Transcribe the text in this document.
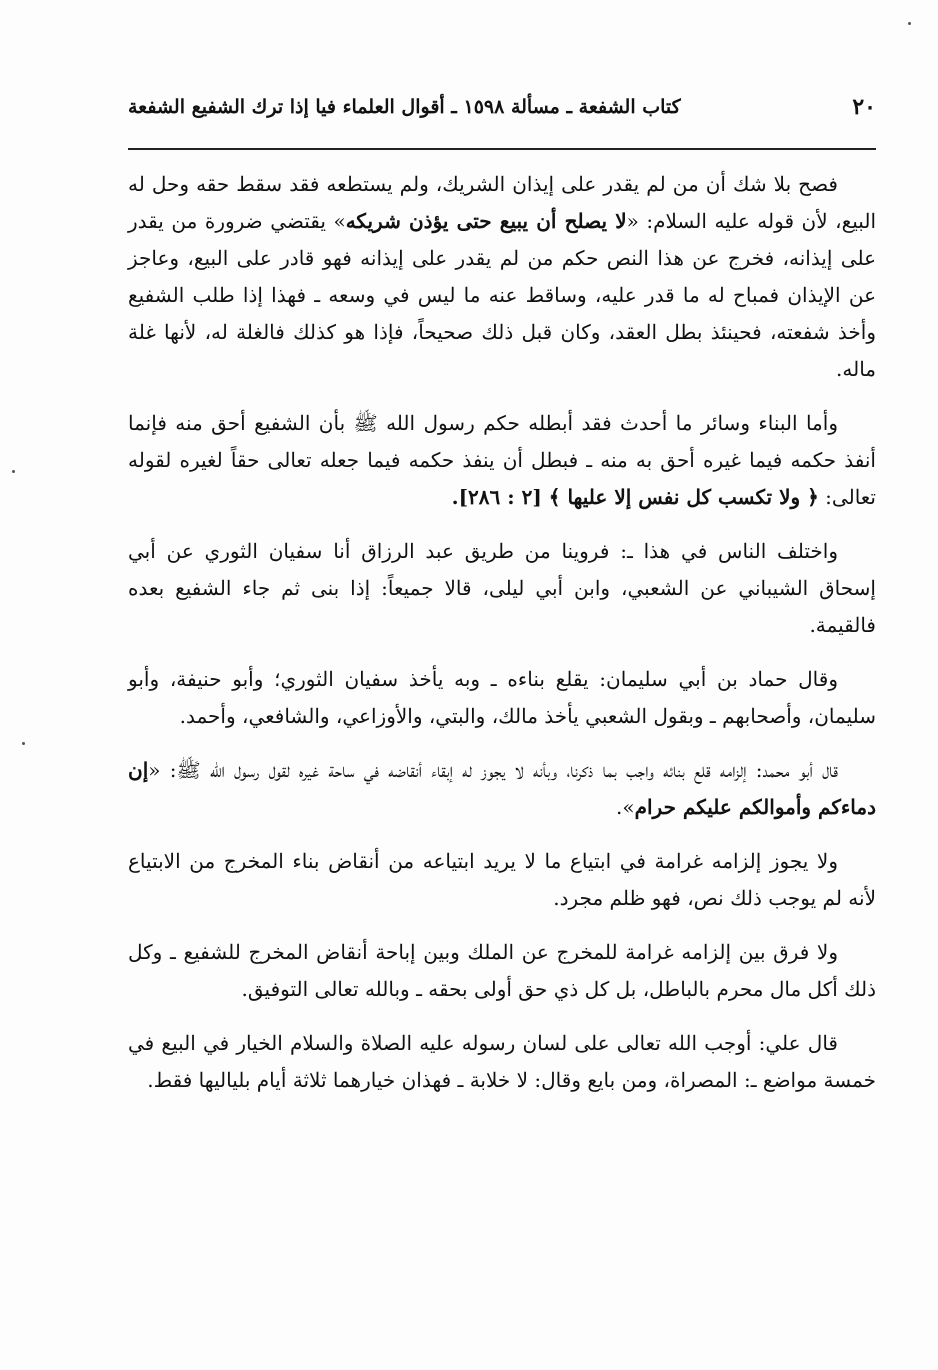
٢٠
كتاب الشفعة ـ مسألة ١٥٩٨ ـ أقوال العلماء فيا إذا ترك الشفيع الشفعة

فصح بلا شك أن من لم يقدر على إيذان الشريك، ولم يستطعه فقد سقط حقه وحل له البيع، لأن قوله عليه السلام: «لا يصلح أن يبيع حتى يؤذن شريكه» يقتضي ضرورة من يقدر على إيذانه، فخرج عن هذا النص حكم من لم يقدر على إيذانه فهو قادر على البيع، وعاجز عن الإيذان فمباح له ما قدر عليه، وساقط عنه ما ليس في وسعه ـ فهذا إذا طلب الشفيع وأخذ شفعته، فحينئذ بطل العقد، وكان قبل ذلك صحيحاً، فإذا هو كذلك فالغلة له، لأنها غلة ماله.

وأما البناء وسائر ما أحدث فقد أبطله حكم رسول الله ﷺ بأن الشفيع أحق منه فإنما أنفذ حكمه فيما غيره أحق به منه ـ فبطل أن ينفذ حكمه فيما جعله تعالى حقاً لغيره لقوله تعالى: ﴿ ولا تكسب كل نفس إلا عليها ﴾ [٢ : ٢٨٦].

واختلف الناس في هذا ـ: فروينا من طريق عبد الرزاق أنا سفيان الثوري عن أبي إسحاق الشيباني عن الشعبي، وابن أبي ليلى، قالا جميعاً: إذا بنى ثم جاء الشفيع بعده فالقيمة.

وقال حماد بن أبي سليمان: يقلع بناءه ـ وبه يأخذ سفيان الثوري؛ وأبو حنيفة، وأبو سليمان، وأصحابهم ـ وبقول الشعبي يأخذ مالك، والبتي، والأوزاعي، والشافعي، وأحمد.

قال أبو محمد: إلزامه قلع بنائه واجب بما ذكرنا، وبأنه لا يجوز له إبقاء أنقاضه في ساحة غيره لقول رسول الله ﷺ: «إن دماءكم وأموالكم عليكم حرام».

ولا يجوز إلزامه غرامة في ابتياع ما لا يريد ابتياعه من أنقاض بناء المخرج من الابتياع لأنه لم يوجب ذلك نص، فهو ظلم مجرد.

ولا فرق بين إلزامه غرامة للمخرج عن الملك وبين إباحة أنقاض المخرج للشفيع ـ وكل ذلك أكل مال محرم بالباطل، بل كل ذي حق أولى بحقه ـ وبالله تعالى التوفيق.

قال علي: أوجب الله تعالى على لسان رسوله عليه الصلاة والسلام الخيار في البيع في خمسة مواضع ـ: المصراة، ومن بايع وقال: لا خلابة ـ فهذان خيارهما ثلاثة أيام بلياليها فقط.
